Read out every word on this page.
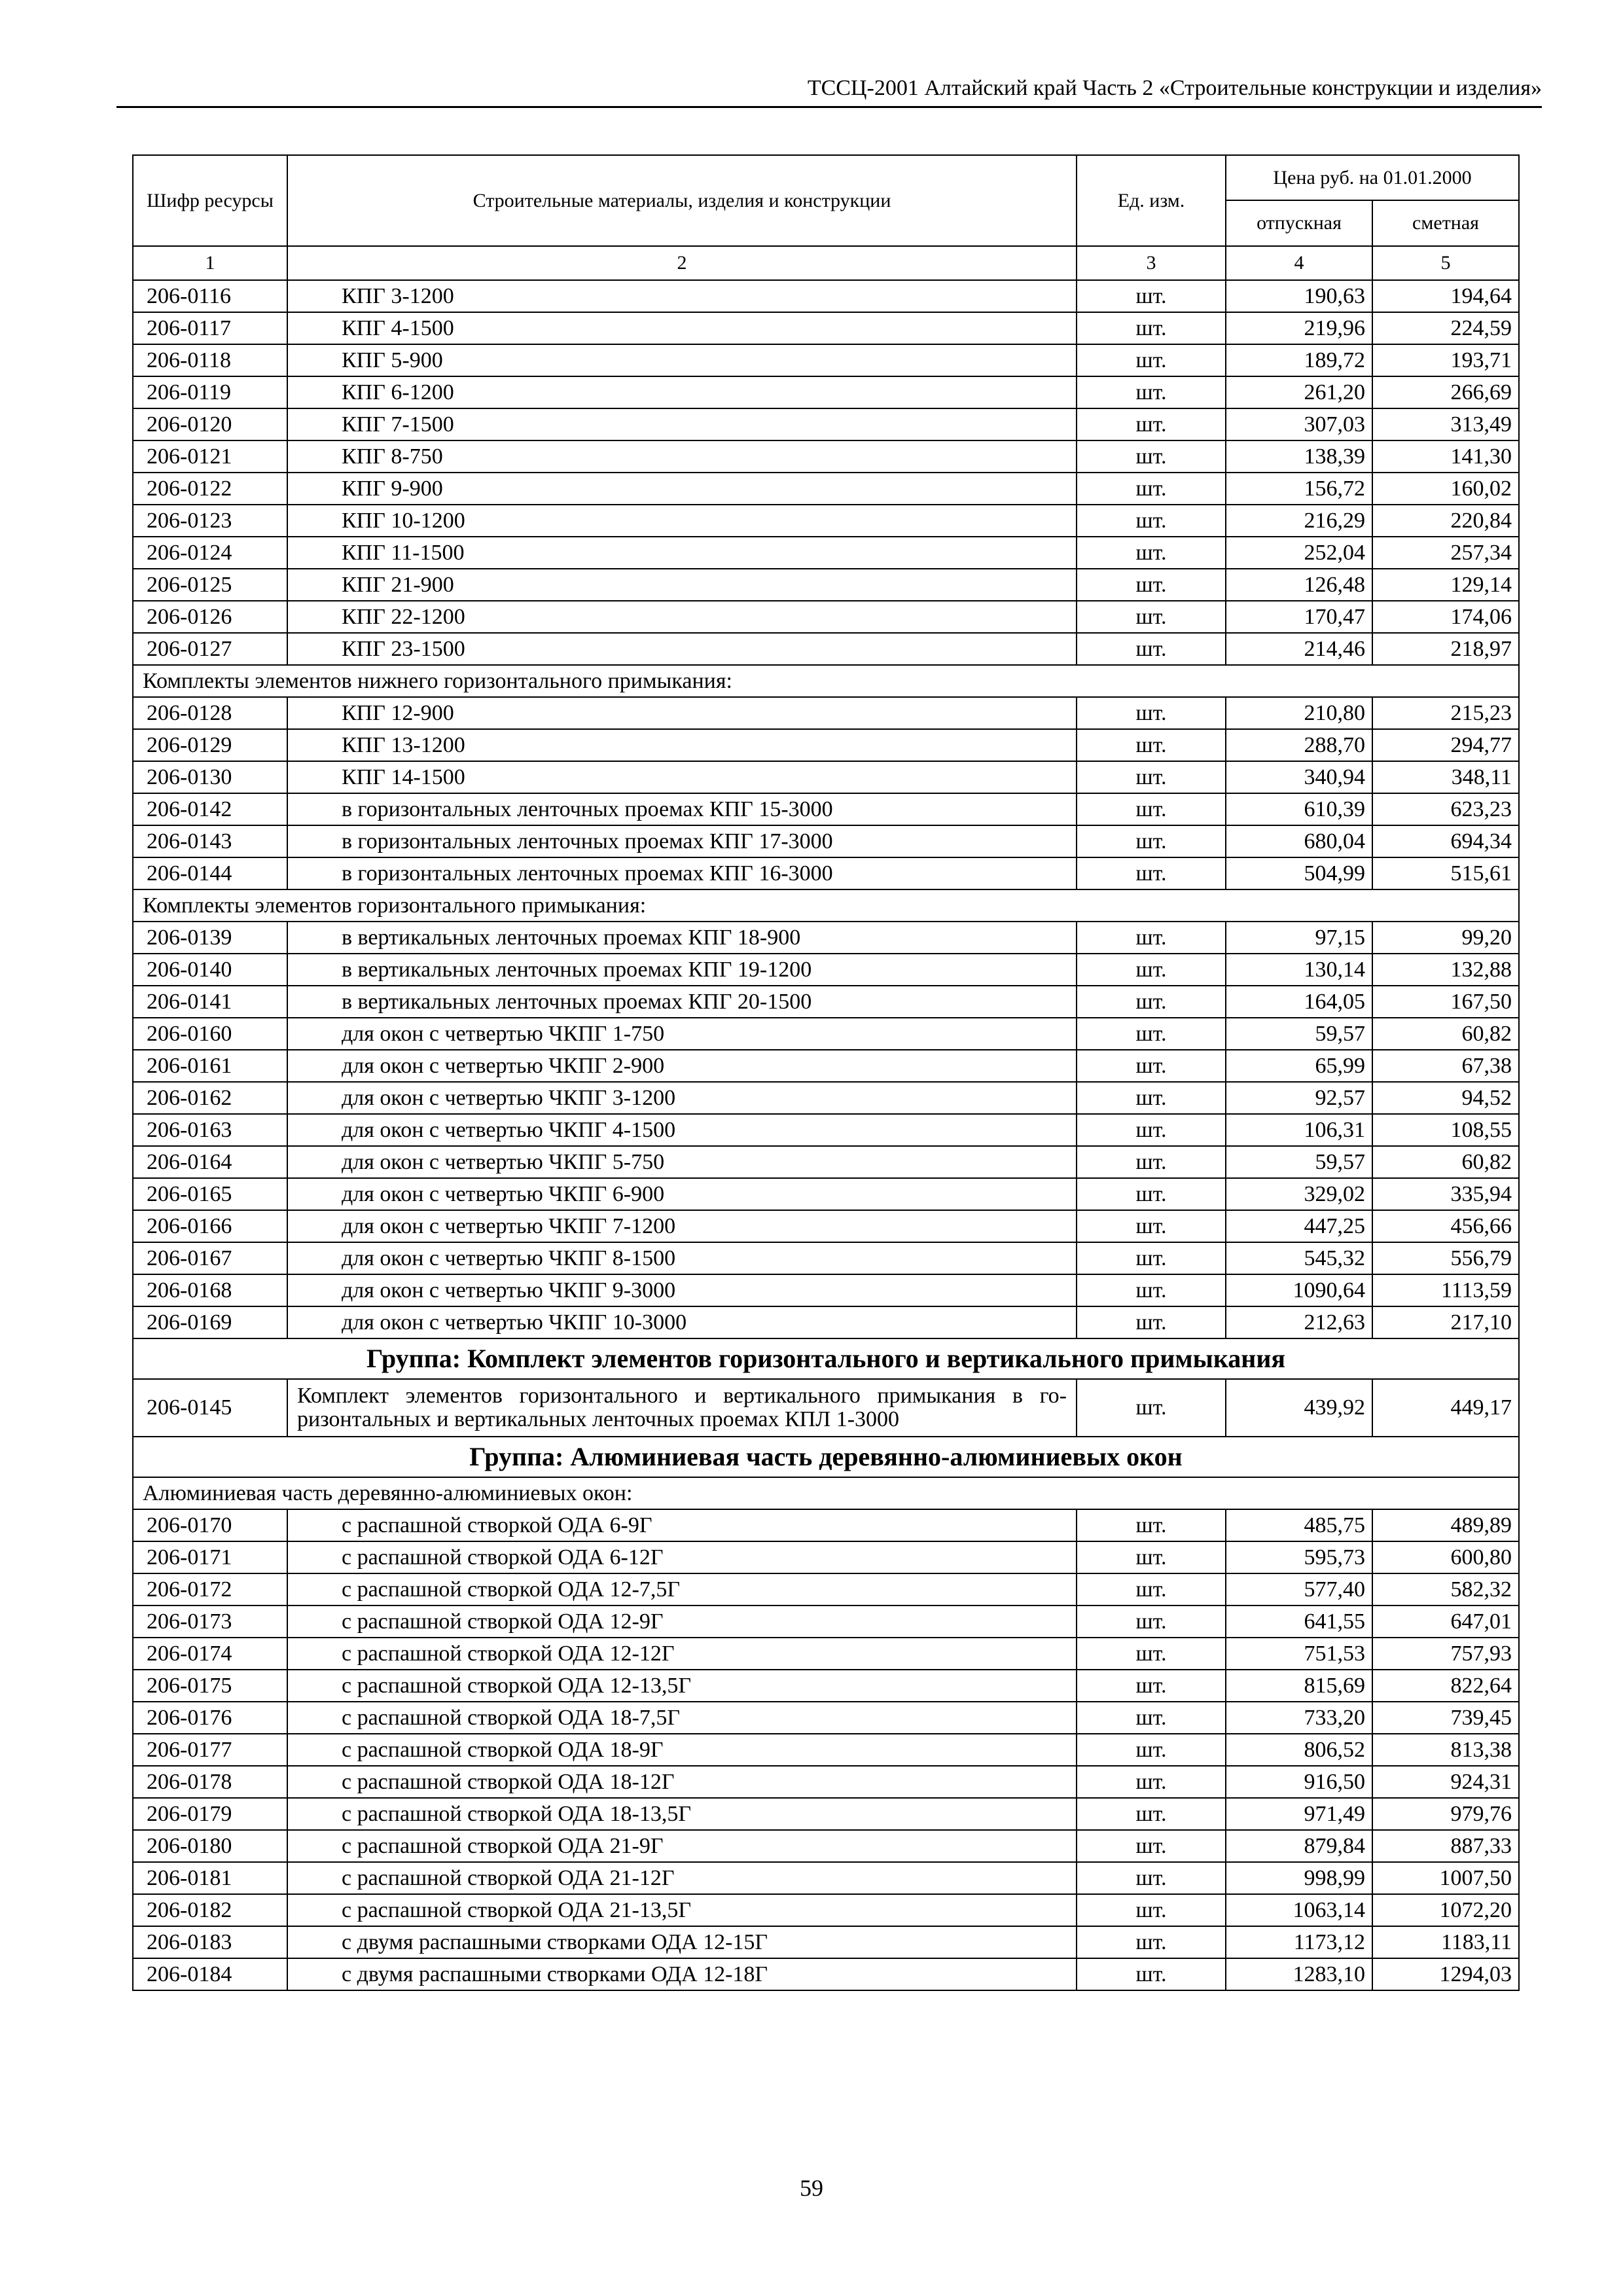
ТССЦ-2001 Алтайский край Часть 2 «Строительные конструкции и изделия»
Шифр ресурсы	Строительные материалы, изделия и конструкции	Ед. изм.	Цена руб. на 01.01.2000	
			отпускная	сметная
1	2	3	4	5
206-0116	КПГ 3-1200	шт.	190,63	194,64
206-0117	КПГ 4-1500	шт.	219,96	224,59
206-0118	КПГ 5-900	шт.	189,72	193,71
206-0119	КПГ 6-1200	шт.	261,20	266,69
206-0120	КПГ 7-1500	шт.	307,03	313,49
206-0121	КПГ 8-750	шт.	138,39	141,30
206-0122	КПГ 9-900	шт.	156,72	160,02
206-0123	КПГ 10-1200	шт.	216,29	220,84
206-0124	КПГ 11-1500	шт.	252,04	257,34
206-0125	КПГ 21-900	шт.	126,48	129,14
206-0126	КПГ 22-1200	шт.	170,47	174,06
206-0127	КПГ 23-1500	шт.	214,46	218,97
Комплекты элементов нижнего горизонтального примыкания:				
206-0128	КПГ 12-900	шт.	210,80	215,23
206-0129	КПГ 13-1200	шт.	288,70	294,77
206-0130	КПГ 14-1500	шт.	340,94	348,11
206-0142	в горизонтальных ленточных проемах КПГ 15-3000	шт.	610,39	623,23
206-0143	в горизонтальных ленточных проемах КПГ 17-3000	шт.	680,04	694,34
206-0144	в горизонтальных ленточных проемах КПГ 16-3000	шт.	504,99	515,61
Комплекты элементов горизонтального примыкания:				
206-0139	в вертикальных ленточных проемах КПГ 18-900	шт.	97,15	99,20
206-0140	в вертикальных ленточных проемах КПГ 19-1200	шт.	130,14	132,88
206-0141	в вертикальных ленточных проемах КПГ 20-1500	шт.	164,05	167,50
206-0160	для окон с четвертью ЧКПГ 1-750	шт.	59,57	60,82
206-0161	для окон с четвертью ЧКПГ 2-900	шт.	65,99	67,38
206-0162	для окон с четвертью ЧКПГ 3-1200	шт.	92,57	94,52
206-0163	для окон с четвертью ЧКПГ 4-1500	шт.	106,31	108,55
206-0164	для окон с четвертью ЧКПГ 5-750	шт.	59,57	60,82
206-0165	для окон с четвертью ЧКПГ 6-900	шт.	329,02	335,94
206-0166	для окон с четвертью ЧКПГ 7-1200	шт.	447,25	456,66
206-0167	для окон с четвертью ЧКПГ 8-1500	шт.	545,32	556,79
206-0168	для окон с четвертью ЧКПГ 9-3000	шт.	1090,64	1113,59
206-0169	для окон с четвертью ЧКПГ 10-3000	шт.	212,63	217,10
Группа: Комплект элементов горизонтального и вертикального примыкания				
206-0145	Комплект элементов горизонтального и вертикального примыкания в го-ризонтальных и вертикальных ленточных проемах КПЛ 1-3000	шт.	439,92	449,17
Группа: Алюминиевая часть деревянно-алюминиевых окон				
Алюминиевая часть деревянно-алюминиевых окон:				
206-0170	с распашной створкой ОДА 6-9Г	шт.	485,75	489,89
206-0171	с распашной створкой ОДА 6-12Г	шт.	595,73	600,80
206-0172	с распашной створкой ОДА 12-7,5Г	шт.	577,40	582,32
206-0173	с распашной створкой ОДА 12-9Г	шт.	641,55	647,01
206-0174	с распашной створкой ОДА 12-12Г	шт.	751,53	757,93
206-0175	с распашной створкой ОДА 12-13,5Г	шт.	815,69	822,64
206-0176	с распашной створкой ОДА 18-7,5Г	шт.	733,20	739,45
206-0177	с распашной створкой ОДА 18-9Г	шт.	806,52	813,38
206-0178	с распашной створкой ОДА 18-12Г	шт.	916,50	924,31
206-0179	с распашной створкой ОДА 18-13,5Г	шт.	971,49	979,76
206-0180	с распашной створкой ОДА 21-9Г	шт.	879,84	887,33
206-0181	с распашной створкой ОДА 21-12Г	шт.	998,99	1007,50
206-0182	с распашной створкой ОДА 21-13,5Г	шт.	1063,14	1072,20
206-0183	с двумя распашными створками ОДА 12-15Г	шт.	1173,12	1183,11
206-0184	с двумя распашными створками ОДА 12-18Г	шт.	1283,10	1294,03
59
